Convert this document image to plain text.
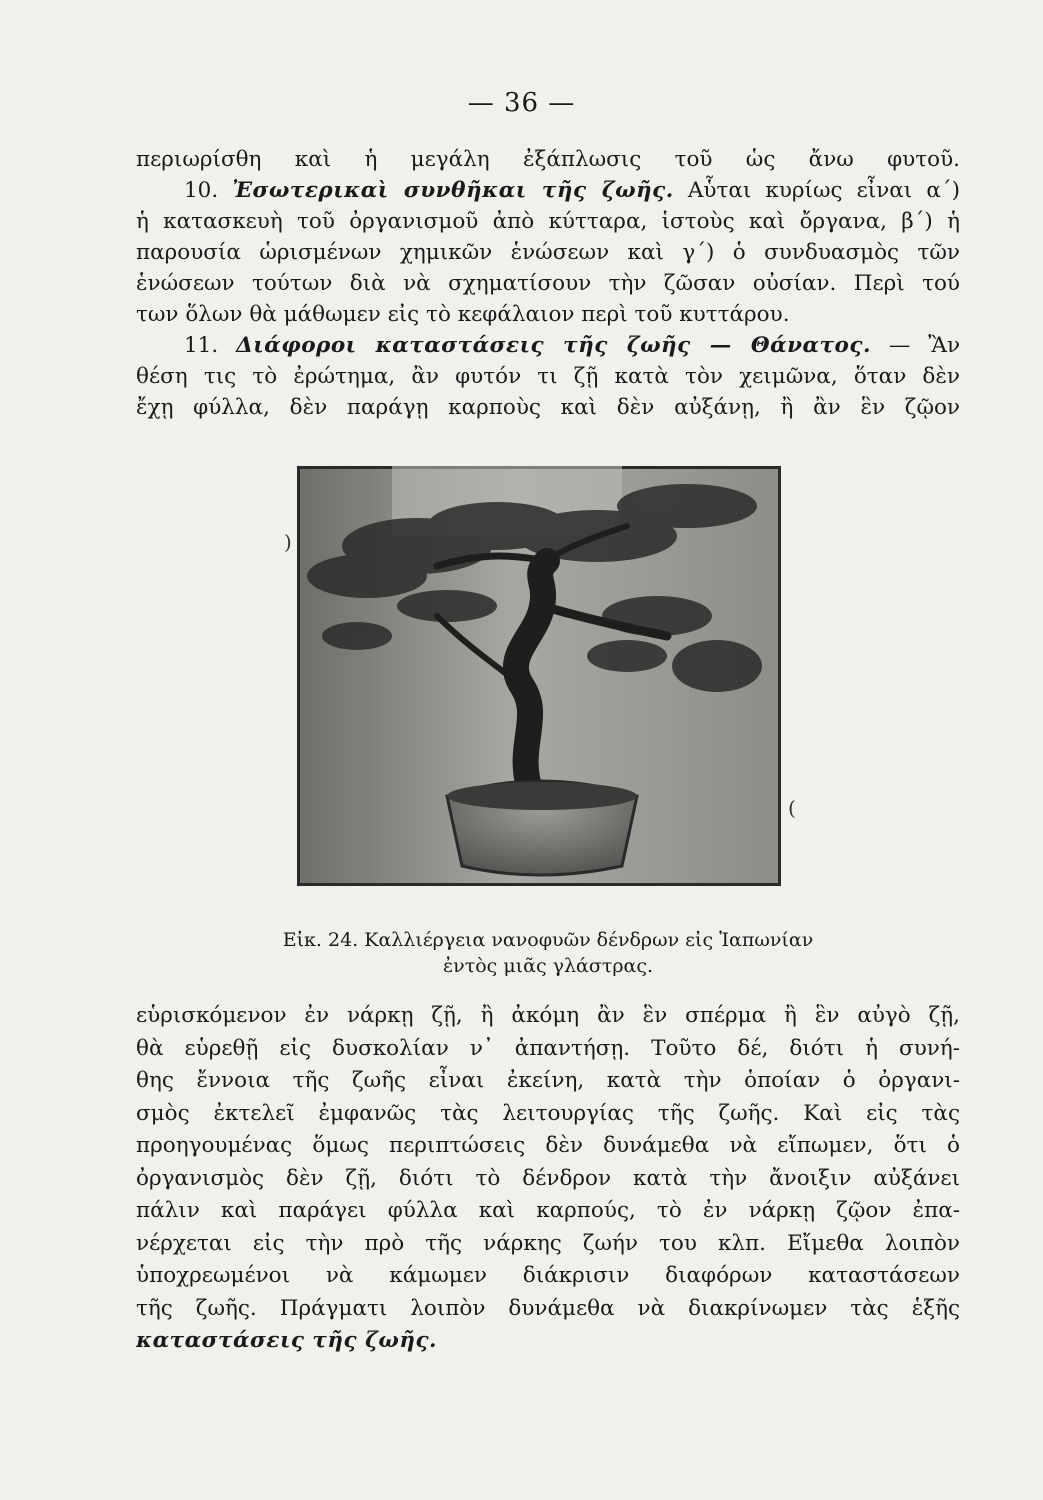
— 36 —
περιωρίσθη καὶ ἡ μεγάλη ἐξάπλωσις τοῦ ὡς ἄνω φυτοῦ.
10. Ἐσωτερικαὶ συνθῆκαι τῆς ζωῆς. Αὗται κυρίως εἶναι α΄)
ἡ κατασκευὴ τοῦ ὀργανισμοῦ ἀπὸ κύτταρα, ἱστοὺς καὶ ὄργανα, β΄) ἡ
παρουσία ὡρισμένων χημικῶν ἑνώσεων καὶ γ΄) ὁ συνδυασμὸς τῶν
ἑνώσεων τούτων διὰ νὰ σχηματίσουν τὴν ζῶσαν οὐσίαν. Περὶ τού
των ὅλων θὰ μάθωμεν εἰς τὸ κεφάλαιον περὶ τοῦ κυττάρου.
11. Διάφοροι καταστάσεις τῆς ζωῆς — Θάνατος. — Ἂν
θέση τις τὸ ἐρώτημα, ἂν φυτόν τι ζῇ κατὰ τὸν χειμῶνα, ὅταν δὲν
ἔχῃ φύλλα, δὲν παράγῃ καρποὺς καὶ δὲν αὐξάνῃ, ἢ ἂν ἓν ζῷον
)
(
Εἰκ. 24. Καλλιέργεια νανοφυῶν δένδρων εἰς Ἰαπωνίαν
ἐντὸς μιᾶς γλάστρας.
εὑρισκόμενον ἐν νάρκῃ ζῇ, ἢ ἀκόμη ἂν ἓν σπέρμα ἢ ἓν αὐγὸ ζῇ,
θὰ εὑρεθῇ εἰς δυσκολίαν ν᾽ ἀπαντήσῃ. Τοῦτο δέ, διότι ἡ συνή-
θης ἔννοια τῆς ζωῆς εἶναι ἐκείνη, κατὰ τὴν ὁποίαν ὁ ὀργανι-
σμὸς ἐκτελεῖ ἐμφανῶς τὰς λειτουργίας τῆς ζωῆς. Καὶ εἰς τὰς
προηγουμένας ὅμως περιπτώσεις δὲν δυνάμεθα νὰ εἴπωμεν, ὅτι ὁ
ὀργανισμὸς δὲν ζῇ, διότι τὸ δένδρον κατὰ τὴν ἄνοιξιν αὐξάνει
πάλιν καὶ παράγει φύλλα καὶ καρπούς, τὸ ἐν νάρκῃ ζῷον ἐπα-
νέρχεται εἰς τὴν πρὸ τῆς νάρκης ζωήν του κλπ. Εἴμεθα λοιπὸν
ὑποχρεωμένοι νὰ κάμωμεν διάκρισιν διαφόρων καταστάσεων
τῆς ζωῆς. Πράγματι λοιπὸν δυνάμεθα νὰ διακρίνωμεν τὰς ἑξῆς
καταστάσεις τῆς ζωῆς.
